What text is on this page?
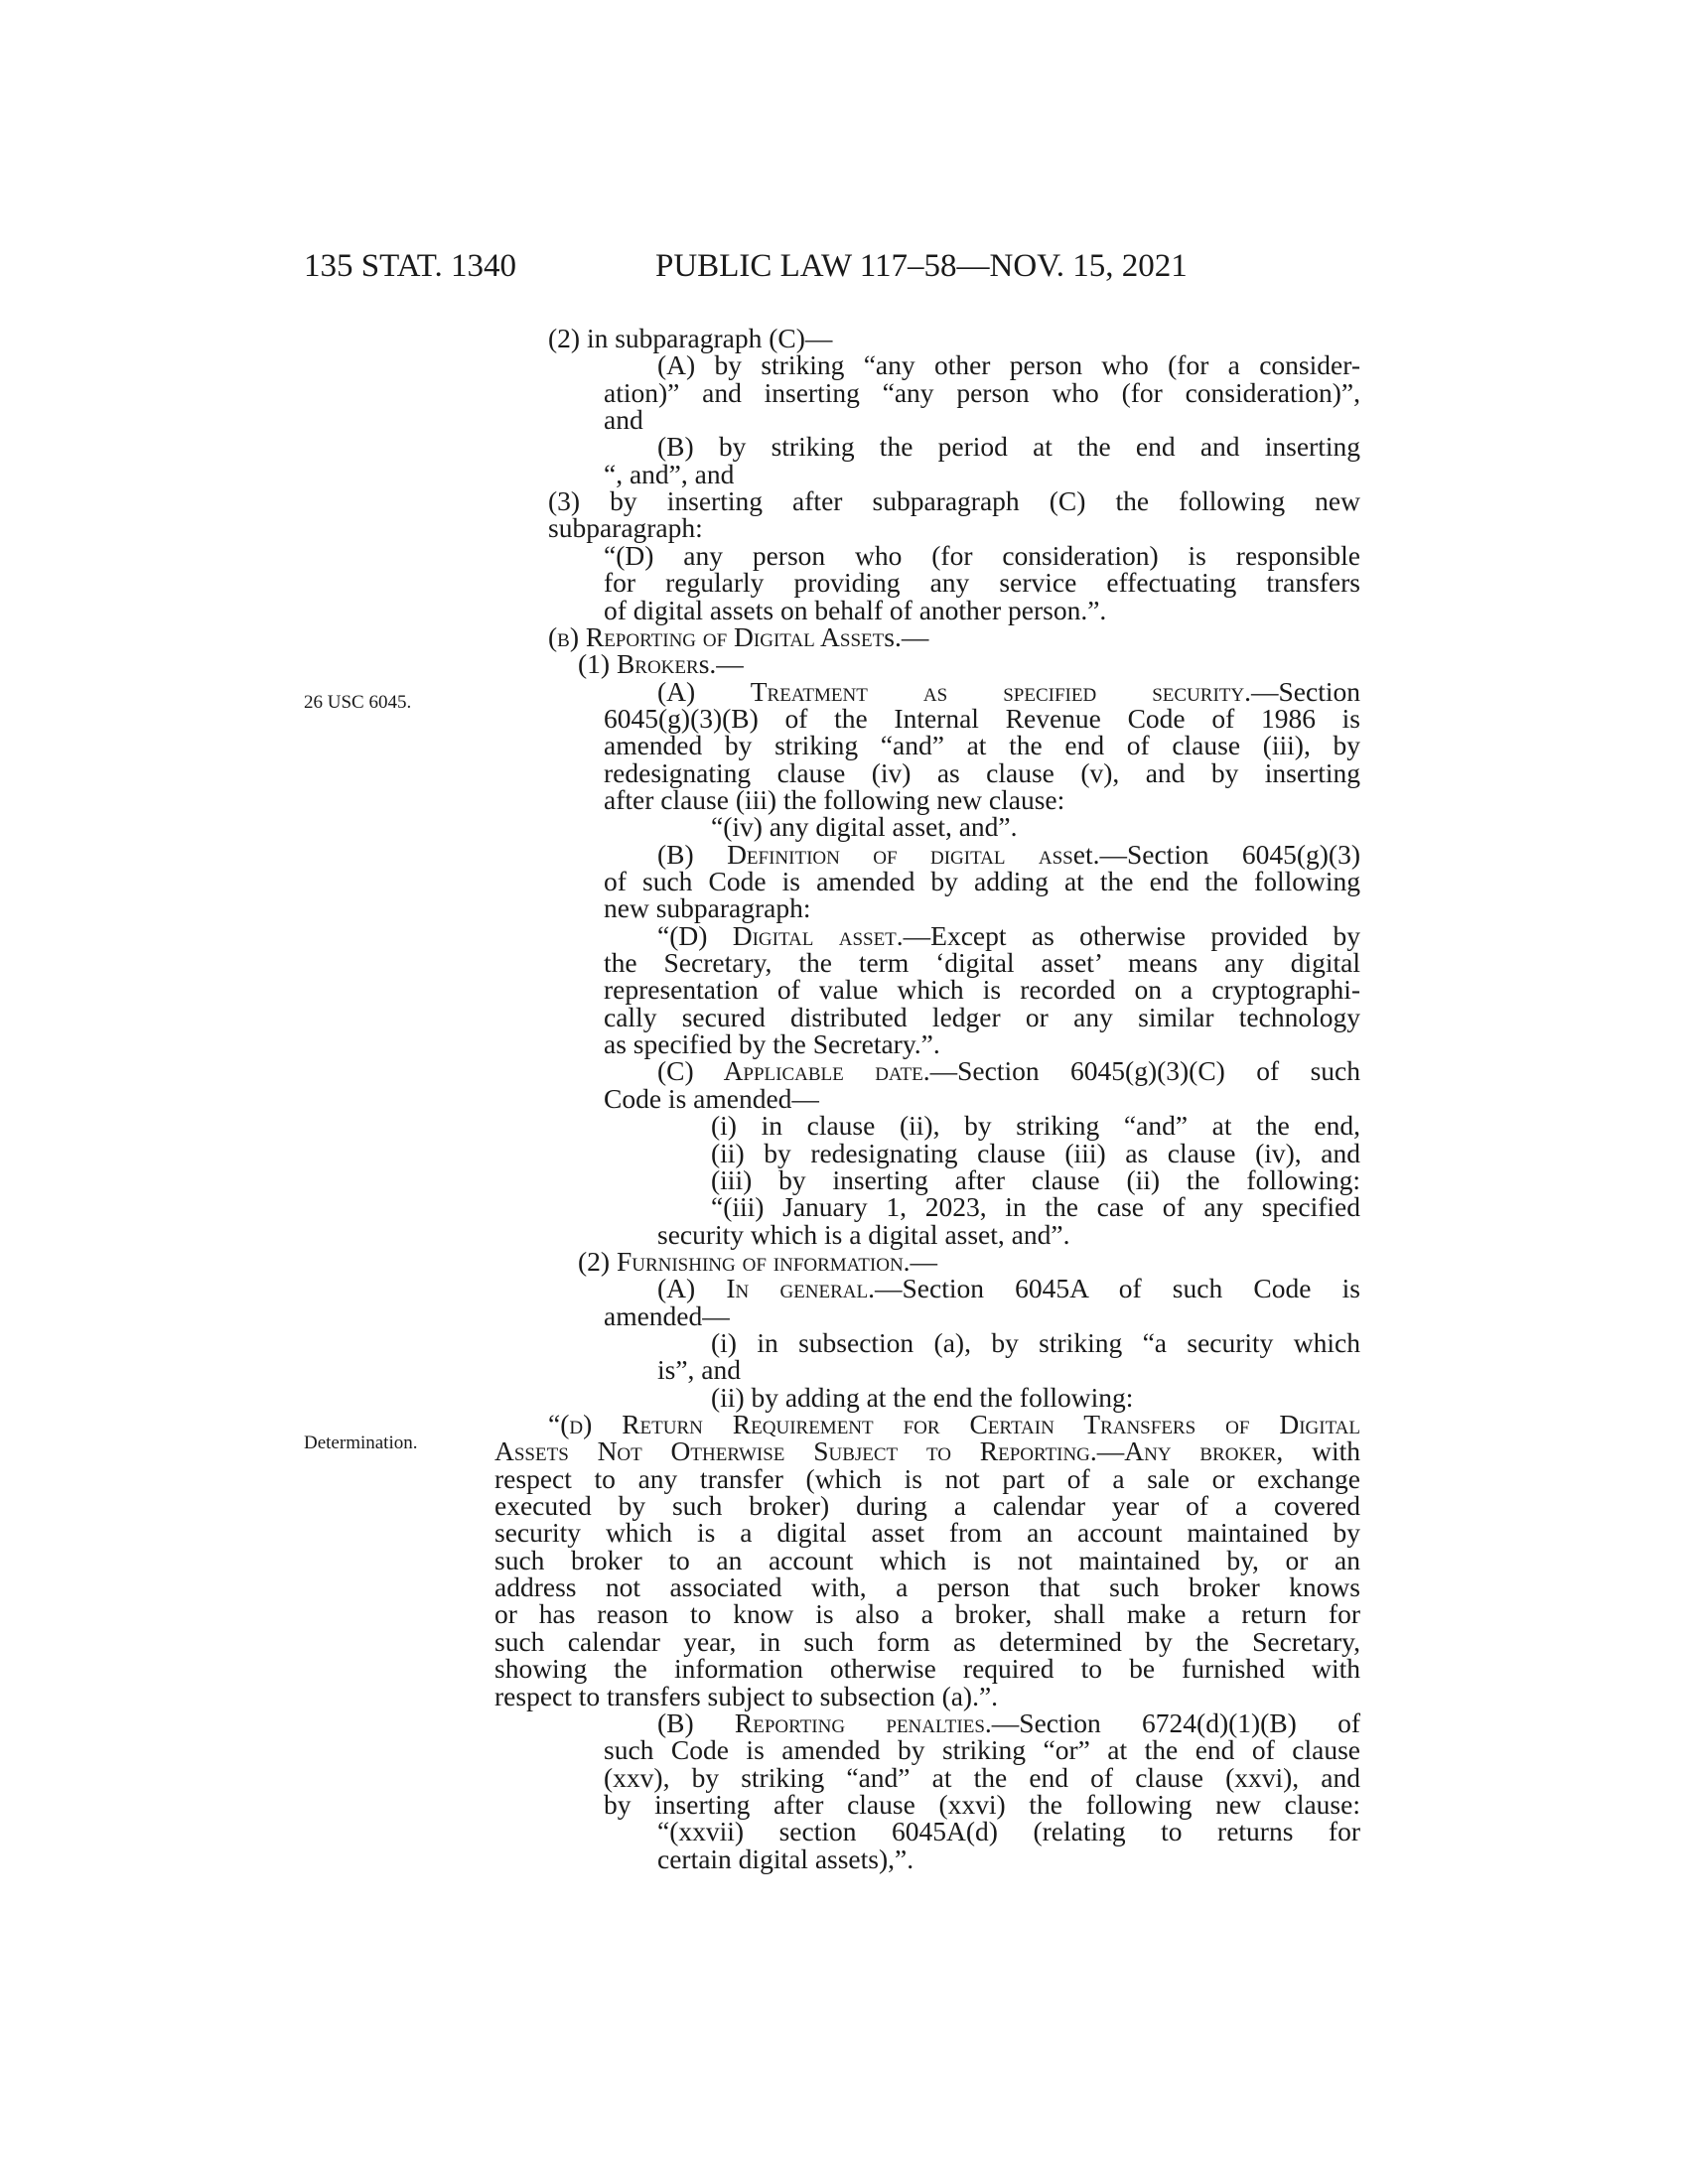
135 STAT. 1340	PUBLIC LAW 117–58—NOV. 15, 2021
26 USC 6045.
Determination.
(2) in subparagraph (C)—
(A) by striking “any other person who (for a consider-
ation)” and inserting “any person who (for consideration)”,
and
(B) by striking the period at the end and inserting
“, and”, and
(3) by inserting after subparagraph (C) the following new
subparagraph:
“(D) any person who (for consideration) is responsible
for regularly providing any service effectuating transfers
of digital assets on behalf of another person.”.
(b) Reporting of Digital Assets.—
(1) Brokers.—
(A) Treatment as specified security.—Section
6045(g)(3)(B) of the Internal Revenue Code of 1986 is
amended by striking “and” at the end of clause (iii), by
redesignating clause (iv) as clause (v), and by inserting
after clause (iii) the following new clause:
“(iv) any digital asset, and”.
(B) Definition of digital asset.—Section 6045(g)(3)
of such Code is amended by adding at the end the following
new subparagraph:
“(D) Digital asset.—Except as otherwise provided by
the Secretary, the term ‘digital asset’ means any digital
representation of value which is recorded on a cryptographi-
cally secured distributed ledger or any similar technology
as specified by the Secretary.”.
(C) Applicable date.—Section 6045(g)(3)(C) of such
Code is amended—
(i) in clause (ii), by striking “and” at the end,
(ii) by redesignating clause (iii) as clause (iv), and
(iii) by inserting after clause (ii) the following:
“(iii) January 1, 2023, in the case of any specified
security which is a digital asset, and”.
(2) Furnishing of information.—
(A) In general.—Section 6045A of such Code is
amended—
(i) in subsection (a), by striking “a security which
is”, and
(ii) by adding at the end the following:
“(d) Return Requirement for Certain Transfers of Digital
Assets Not Otherwise Subject to Reporting.—Any broker, with
respect to any transfer (which is not part of a sale or exchange
executed by such broker) during a calendar year of a covered
security which is a digital asset from an account maintained by
such broker to an account which is not maintained by, or an
address not associated with, a person that such broker knows
or has reason to know is also a broker, shall make a return for
such calendar year, in such form as determined by the Secretary,
showing the information otherwise required to be furnished with
respect to transfers subject to subsection (a).”.
(B) Reporting penalties.—Section 6724(d)(1)(B) of
such Code is amended by striking “or” at the end of clause
(xxv), by striking “and” at the end of clause (xxvi), and
by inserting after clause (xxvi) the following new clause:
“(xxvii) section 6045A(d) (relating to returns for
certain digital assets),”.
